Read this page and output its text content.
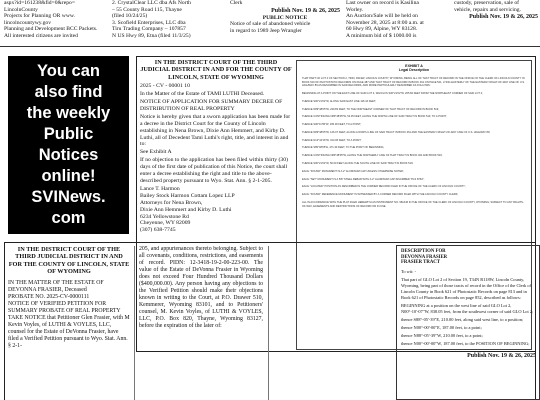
aspx?id=161238&fid=0&repo=
LincolnCounty
Projects for Planning OR www.
lincolncountywy.gov
Planning and Development BCC Packets.
All interested citizens are invited
2. CrystalClear LLC dba Afs North
– 55 County Road 115, Thayne
(filed 10/24/25)
3. Scofield Enterprises, LLC dba
Tiru Trading Company – 107857
N US Hwy 89, Etna (filed 11/3/25)
Clerk
Publish Nov. 19 & 26, 2025
PUBLIC NOTICE
Notice of sale of abandoned vehicle
in regard to 1989 Jeep Wrangler
Last owner on record is Kasilina
Worley.
An Auction/Sale will be held on
November 28, 2025 at 8:00 a.m. at
60 Hwy 89, Alpine, WY 83128.
A minimum bid of $ 1000.00 is
custody, preservation, sale of
vehicle, repairs and servicing.
Publish Nov. 19 & 26, 2025
You can
also find
the weekly
Public
Notices
online!
SVINews.
com
IN THE DISTRICT COURT OF THE THIRD JUDICIAL DISTRICT IN AND FOR THE COUNTY OF LINCOLN, STATE OF WYOMING

2025 - CV - 00001 10

In the Matter of the Estate of TAMI LUTHI Deceased.

NOTICE OF APPLICATION FOR SUMMARY DECREE OF DISTRIBUTION OF REAL PROPERTY

Notice is hereby given that a sworn application has been made for a decree in the District Court for the County of Lincoln establishing in Nena Brown, Dixie Ann Hemmert, and Kirby D. Luthi, all of Decedent Tami Luthi's right, title, and interest in and to:

See Exhibit A

If no objection to the application has been filed within thirty (30) days of the first date of publication of this Notice, the court shall enter a decree establishing the right and title to the above-described property pursuant to Wyo. Stat. Ann. § 2-1-205.

Lance T. Harmon
Bailey Stock Harmon Cottam Lopez LLP
Attorneys for Nena Brown,
Dixie Ann Hemmert and Kirby D. Luthi
6234 Yellowstone Rd
Cheyenne, WY 82009
(307) 638-7745
Publish Nov. 19 & 26, 2025
EXHIBIT A
Legal Description
THAT PART OF LOT 4 OF SECTION 2, T30N, R119W, LINCOLN COUNTY, WYOMING, BEING ALL OF THAT TRACT OF RECORD IN THE OFFICE OF THE CLERK OF LINCOLN COUNTY IN BOOK 519 OF PHOTOSTATIC RECORDS ON PAGE 487 AND THAT TRACT OF RECORD IN BOOK 461 ON PAGE 521, LYING EASTERLY OF THE EASTERLY RIGHT-OF-WAY LINE OF U.S. HIGHWAY 89 AS DESCRIBED IN SAID RECORDS, AND MORE PARTICULARLY DESCRIBED AS FOLLOWS:
BEGINNING AT A POINT ON THE EAST LINE OF SAID LOT 4, WHICH IS S00°21'02"W, 265.84 FEET FROM THE NORTHEAST CORNER OF SAID LOT 4;
THENCE S00°21'02"W, ALONG SAID EAST LINE 116.16 FEET;
THENCE N89°48'05"W, 239.83 FEET, TO THE NORTHEAST CORNER OF THAT TRACT OF RECORD IN BOOK 519;
THENCE CONTINUING N89°48'05"W, 52.35 FEET, ALONG THE NORTH LINE OF SAID TRACT IN BOOK 519, TO A POINT;
THENCE S00°11'55"W, 165.00 FEET, TO A POINT;
THENCE N89°48'05"W, 146.07 FEET, ALONG A NORTH LINE OF SAID TRACT IN BOOK 461 AND THE EASTERLY RIGHT-OF-WAY LINE OF U.S. HIGHWAY 89;
THENCE N12°44'16"W, 313.06 FEET, TO A POINT;
THENCE S89°48'05"E, 471.33 FEET, TO THE POINT OF BEGINNING;
THENCE CONTINUING N89°48'05"W, ALONG THE NORTHERLY LINE OF THAT TRACT IN BOOK 461 AND BOOK 519;
THENCE S00°21'02"W, 50.00 FEET ALONG THE SOUTH LINE OF SAID TRACT IN BOOK 519;
EACH "FOUND" MONUMENT IS A 2" ALUMINUM CAP UNLESS OTHERWISE NOTED;
EACH "SET" MONUMENT IS A 5/8" STEEL REBAR WITH A 2" ALUMINUM CAP INSCRIBED "PLS 8764";
EACH "LOCATED" POSITION AS DESCRIBED IN THE CORNER RECORD FILED IN THE OFFICE OF THE CLERK OF LINCOLN COUNTY;
EACH "FOUND" REFERENCE MONUMENT IS WITNESSED BY A CORNER RECORD FILED WITH THE LINCOLN COUNTY CLERK;
ALL IN ACCORDANCE WITH THE PLAT FILED HEREWITH AS INSTRUMENT NO. 981446 IN THE OFFICE OF THE CLERK OF LINCOLN COUNTY, WYOMING; SUBJECT TO ANY RIGHTS-OF-WAY, EASEMENTS AND RESTRICTIONS OF RECORD OR IN USE.
IN THE DISTRICT COURT OF THE THIRD JUDICIAL DISTRICT IN AND FOR THE COUNTY OF LINCOLN, STATE OF WYOMING

IN THE MATTER OF THE ESTATE OF DEVONNA FRASIER, Deceased

PROBATE NO. 2025-CV-0000111

NOTICE OF VERIFIED PETITION FOR SUMMARY PROBATE OF REAL PROPERTY

TAKE NOTICE that Petitioner Glen Frasier, with M Kevin Voyles, of LUTHI & VOYLES, LLC, counsel for the Estate of DeVonna Frasier, have filed a Verified Petition pursuant to Wyo. Stat. Ann. § 2-1-

205, and appurtenances thereto belonging. Subject to all covenants, conditions, restrictions, and easements of record. PIDN: 12-3418-19-2-00-223-00. The value of the Estate of DeVonna Frasier in Wyoming does not exceed Four Hundred Thousand Dollars ($400,000.00). Any person having any objections to the Verified Petition should make their objections known in writing to the Court, at P.O. Drawer 510, Kemmerer, Wyoming 83101, and to Petitioners' counsel, M. Kevin Voyles, of LUTHI & VOYLES, LLC, P.O. Box 820, Thayne, Wyoming 83127, before the expiration of the later of:

DESCRIPTION FOR
DEVONNA FRASIER
FRASIER TRACT
To wit: -
That part of GLO Lot 2 of Section 19, T34N R118W, Lincoln County, Wyoming, being part of those tracts of record in the Office of the Clerk of Lincoln County in Book 621 of Photostatic Records on page 813 and in Book 621 of Photostatic Records on page 852, described as follows:
BEGINNING at a position on the west line of said GLO Lot 2, N00°-10'-07"W, 838.05 feet, from the southwest corner of said GLO Lot 2;
thence S88°-05'-39"E, 210.00 feet, along said west line, to a position;
thence N00°-00'-00"E, 187.00 feet, to a point;
thence N88°-05'-39"W, 210.00 feet, to a point;
thence N00°-00'-00"W, 187.00 feet, to the POSITION OF BEGINNING;
